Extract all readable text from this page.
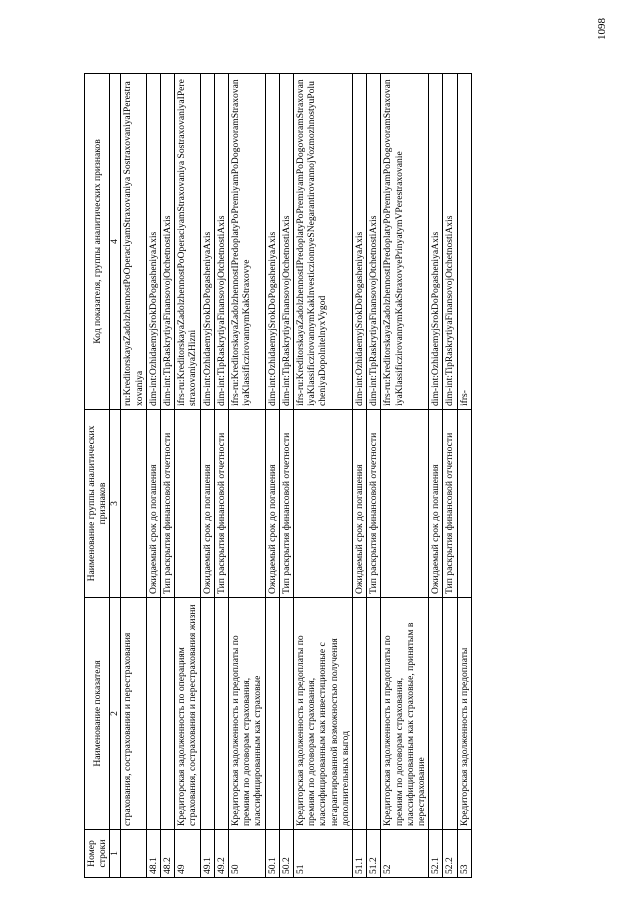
1098
Номер строки	Наименование показателя	Наименование группы аналитических признаков	Код показателя, группы аналитических признаков
1	2	3	4
	страхования, сострахования и перестрахования		ru:KreditorskayaZadolzhennostPoOperaciyamStraxovaniya SostraxovaniyaIPerestraxovaniya
48.1		Ожидаемый срок до погашения	dim-int:OzhidaemyjSrokDoPogasheniyaAxis
48.2		Тип раскрытия финансовой отчетности	dim-int:TipRaskrytiyaFinansovojOtchetnostiAxis
49	Кредиторская задолженность по операциям страхования, сострахования и перестрахования жизни		ifrs-ru:KreditorskayaZadolzhennostPoOperaciyamStraxovaniya SostraxovaniyaIPerestraxovaniyaZHizni
49.1		Ожидаемый срок до погашения	dim-int:OzhidaemyjSrokDoPogasheniyaAxis
49.2		Тип раскрытия финансовой отчетности	dim-int:TipRaskrytiyaFinansovojOtchetnostiAxis
50	Кредиторская задолженность и предоплаты по премиям по договорам страхования, классифицированным как страховые		ifrs-ru:KreditorskayaZadolzhennostIPredoplatyPoPremiyamPoDogovoramStraxovaniyaKlassificzirovannymKakStraxovye
50.1		Ожидаемый срок до погашения	dim-int:OzhidaemyjSrokDoPogasheniyaAxis
50.2		Тип раскрытия финансовой отчетности	dim-int:TipRaskrytiyaFinansovojOtchetnostiAxis
51	Кредиторская задолженность и предоплаты по премиям по договорам страхования, классифицированным как инвестиционные с негарантированной возможностью получения дополнительных выгод		ifrs-ru:KreditorskayaZadolzhennostIPredoplatyPoPremiyamPoDogovoramStraxovaniyaKlassificzirovannymKakInvesticzionnyeSNegarantirovannojVozmozhnostyuPolucheniyaDopolnitelnyxVygod
51.1		Ожидаемый срок до погашения	dim-int:OzhidaemyjSrokDoPogasheniyaAxis
51.2		Тип раскрытия финансовой отчетности	dim-int:TipRaskrytiyaFinansovojOtchetnostiAxis
52	Кредиторская задолженность и предоплаты по премиям по договорам страхования, классифицированным как страховые, принятым в перестрахование		ifrs-ru:KreditorskayaZadolzhennostIPredoplatyPoPremiyamPoDogovoramStraxovaniyaKlassificzirovannymKakStraxovyePrinyatymVPerestraxovanie
52.1		Ожидаемый срок до погашения	dim-int:OzhidaemyjSrokDoPogasheniyaAxis
52.2		Тип раскрытия финансовой отчетности	dim-int:TipRaskrytiyaFinansovojOtchetnostiAxis
53	Кредиторская задолженность и предоплаты		ifrs-
